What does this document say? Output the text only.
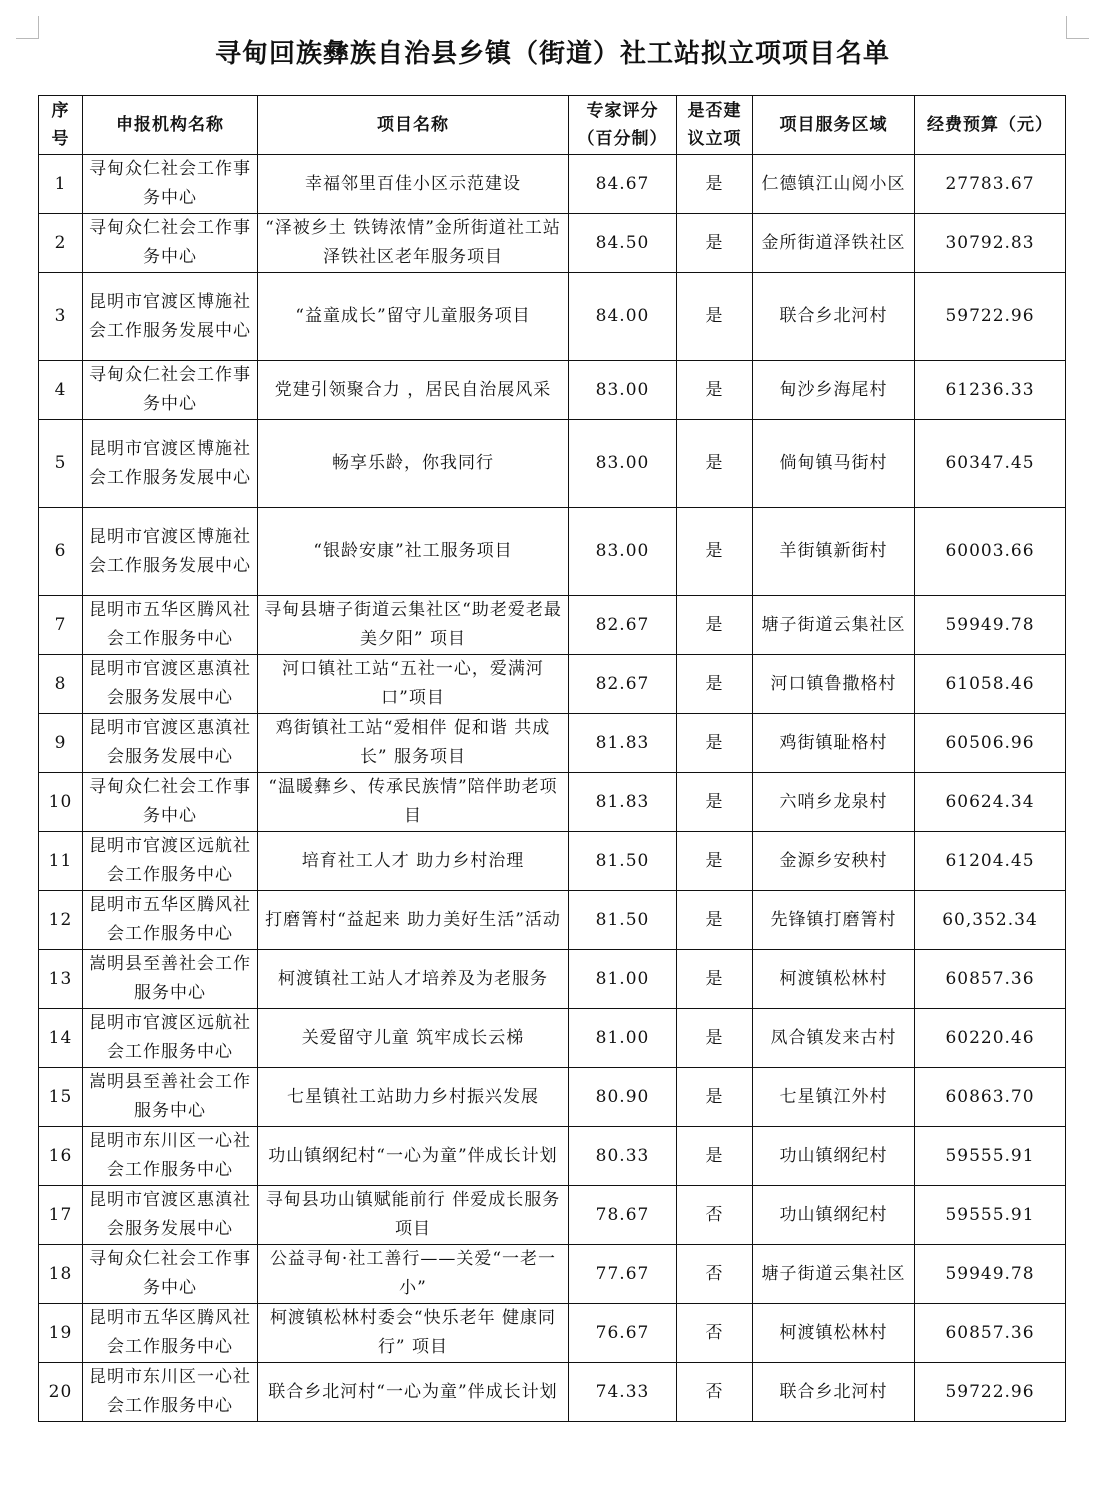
寻甸回族彝族自治县乡镇（街道）社工站拟立项项目名单
序号	申报机构名称	项目名称	专家评分（百分制）	是否建议立项	项目服务区域	经费预算（元）
1	寻甸众仁社会工作事务中心	幸福邻里百佳小区示范建设	84.67	是	仁德镇江山阅小区	27783.67
2	寻甸众仁社会工作事务中心	“泽被乡土 铁铸浓情”金所街道社工站泽铁社区老年服务项目	84.50	是	金所街道泽铁社区	30792.83
3	昆明市官渡区博施社会工作服务发展中心	“益童成长”留守儿童服务项目	84.00	是	联合乡北河村	59722.96
4	寻甸众仁社会工作事务中心	党建引领聚合力 ，居民自治展风采	83.00	是	甸沙乡海尾村	61236.33
5	昆明市官渡区博施社会工作服务发展中心	畅享乐龄，你我同行	83.00	是	倘甸镇马街村	60347.45
6	昆明市官渡区博施社会工作服务发展中心	“银龄安康”社工服务项目	83.00	是	羊街镇新街村	60003.66
7	昆明市五华区腾风社会工作服务中心	寻甸县塘子街道云集社区“助老爱老最美夕阳” 项目	82.67	是	塘子街道云集社区	59949.78
8	昆明市官渡区惠滇社会服务发展中心	河口镇社工站“五社一心，爱满河口”项目	82.67	是	河口镇鲁撒格村	61058.46
9	昆明市官渡区惠滇社会服务发展中心	鸡街镇社工站“爱相伴 促和谐 共成长” 服务项目	81.83	是	鸡街镇耻格村	60506.96
10	寻甸众仁社会工作事务中心	“温暖彝乡、传承民族情”陪伴助老项目	81.83	是	六哨乡龙泉村	60624.34
11	昆明市官渡区远航社会工作服务中心	培育社工人才 助力乡村治理	81.50	是	金源乡安秧村	61204.45
12	昆明市五华区腾风社会工作服务中心	打磨箐村“益起来 助力美好生活”活动	81.50	是	先锋镇打磨箐村	60,352.34
13	嵩明县至善社会工作服务中心	柯渡镇社工站人才培养及为老服务	81.00	是	柯渡镇松林村	60857.36
14	昆明市官渡区远航社会工作服务中心	关爱留守儿童 筑牢成长云梯	81.00	是	凤合镇发来古村	60220.46
15	嵩明县至善社会工作服务中心	七星镇社工站助力乡村振兴发展	80.90	是	七星镇江外村	60863.70
16	昆明市东川区一心社会工作服务中心	功山镇纲纪村“一心为童”伴成长计划	80.33	是	功山镇纲纪村	59555.91
17	昆明市官渡区惠滇社会服务发展中心	寻甸县功山镇赋能前行 伴爱成长服务项目	78.67	否	功山镇纲纪村	59555.91
18	寻甸众仁社会工作事务中心	公益寻甸·社工善行——关爱“一老一小”	77.67	否	塘子街道云集社区	59949.78
19	昆明市五华区腾风社会工作服务中心	柯渡镇松林村委会“快乐老年 健康同行” 项目	76.67	否	柯渡镇松林村	60857.36
20	昆明市东川区一心社会工作服务中心	联合乡北河村“一心为童”伴成长计划	74.33	否	联合乡北河村	59722.96
